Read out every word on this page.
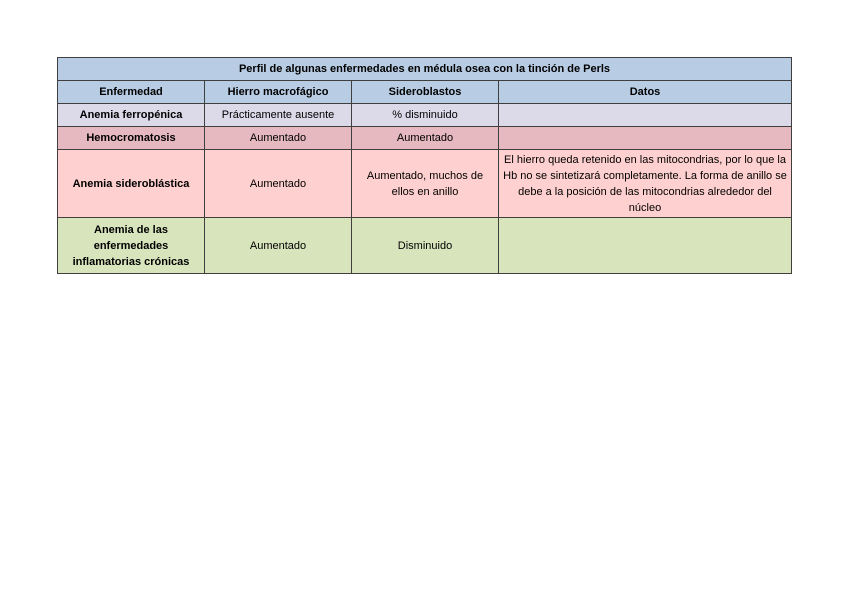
Perfil de algunas enfermedades en médula osea con la tinción de Perls			
Enfermedad	Hierro macrofágico	Sideroblastos	Datos
Anemia ferropénica	Prácticamente ausente	% disminuido	
Hemocromatosis	Aumentado	Aumentado	
Anemia sideroblástica	Aumentado	Aumentado, muchos de ellos en anillo	El hierro queda retenido en las mitocondrias, por lo que la Hb no se sintetizará completamente. La forma de anillo se debe a la posición de las mitocondrias alrededor del núcleo
Anemia de las enfermedades inflamatorias crónicas	Aumentado	Disminuido	
